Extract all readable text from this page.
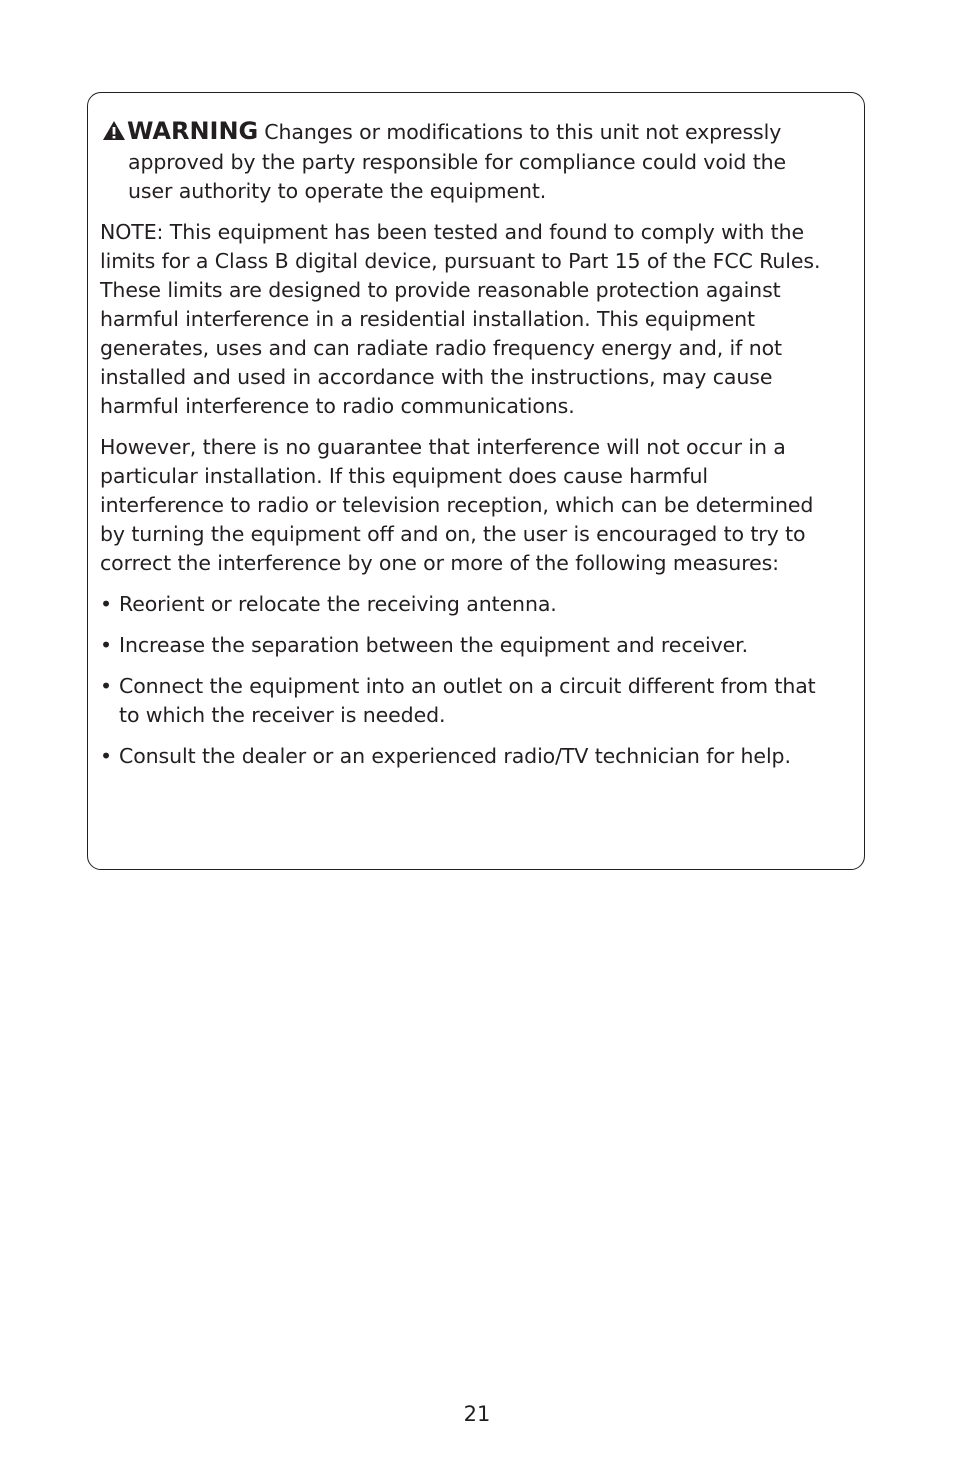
WARNING Changes or modifications to this unit not expressly approved by the party responsible for compliance could void the user authority to operate the equipment.

NOTE: This equipment has been tested and found to comply with the limits for a Class B digital device, pursuant to Part 15 of the FCC Rules. These limits are designed to provide reasonable protection against harmful interference in a residential installation. This equipment generates, uses and can radiate radio frequency energy and, if not installed and used in accordance with the instructions, may cause harmful interference to radio communications.

However, there is no guarantee that interference will not occur in a particular installation. If this equipment does cause harmful interference to radio or television reception, which can be determined by turning the equipment off and on, the user is encouraged to try to correct the interference by one or more of the following measures:

• Reorient or relocate the receiving antenna.
• Increase the separation between the equipment and receiver.
• Connect the equipment into an outlet on a circuit different from that to which the receiver is needed.
• Consult the dealer or an experienced radio/TV technician for help.
21
